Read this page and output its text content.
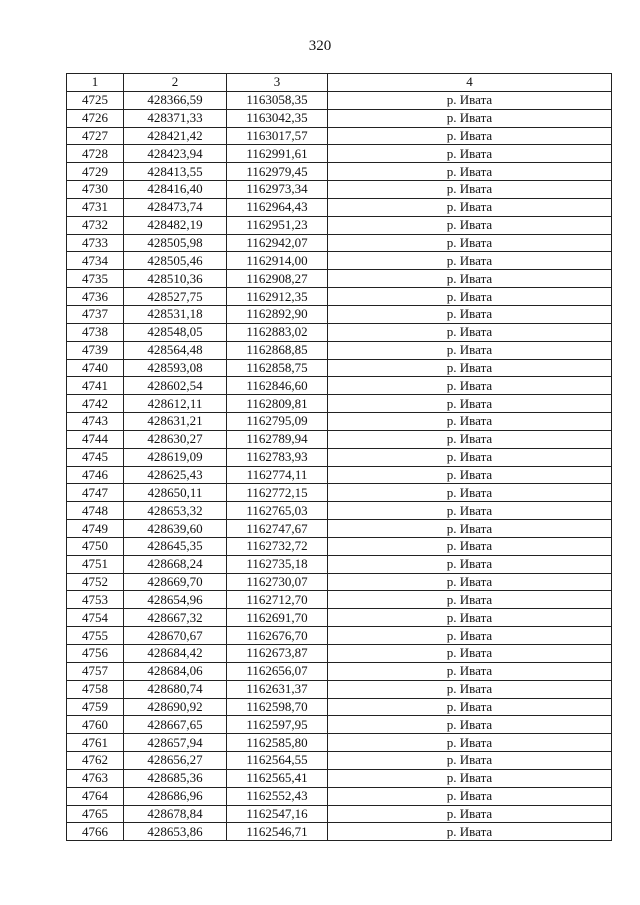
320
1	2	3	4
4725	428366,59	1163058,35	р. Ивата
4726	428371,33	1163042,35	р. Ивата
4727	428421,42	1163017,57	р. Ивата
4728	428423,94	1162991,61	р. Ивата
4729	428413,55	1162979,45	р. Ивата
4730	428416,40	1162973,34	р. Ивата
4731	428473,74	1162964,43	р. Ивата
4732	428482,19	1162951,23	р. Ивата
4733	428505,98	1162942,07	р. Ивата
4734	428505,46	1162914,00	р. Ивата
4735	428510,36	1162908,27	р. Ивата
4736	428527,75	1162912,35	р. Ивата
4737	428531,18	1162892,90	р. Ивата
4738	428548,05	1162883,02	р. Ивата
4739	428564,48	1162868,85	р. Ивата
4740	428593,08	1162858,75	р. Ивата
4741	428602,54	1162846,60	р. Ивата
4742	428612,11	1162809,81	р. Ивата
4743	428631,21	1162795,09	р. Ивата
4744	428630,27	1162789,94	р. Ивата
4745	428619,09	1162783,93	р. Ивата
4746	428625,43	1162774,11	р. Ивата
4747	428650,11	1162772,15	р. Ивата
4748	428653,32	1162765,03	р. Ивата
4749	428639,60	1162747,67	р. Ивата
4750	428645,35	1162732,72	р. Ивата
4751	428668,24	1162735,18	р. Ивата
4752	428669,70	1162730,07	р. Ивата
4753	428654,96	1162712,70	р. Ивата
4754	428667,32	1162691,70	р. Ивата
4755	428670,67	1162676,70	р. Ивата
4756	428684,42	1162673,87	р. Ивата
4757	428684,06	1162656,07	р. Ивата
4758	428680,74	1162631,37	р. Ивата
4759	428690,92	1162598,70	р. Ивата
4760	428667,65	1162597,95	р. Ивата
4761	428657,94	1162585,80	р. Ивата
4762	428656,27	1162564,55	р. Ивата
4763	428685,36	1162565,41	р. Ивата
4764	428686,96	1162552,43	р. Ивата
4765	428678,84	1162547,16	р. Ивата
4766	428653,86	1162546,71	р. Ивата
